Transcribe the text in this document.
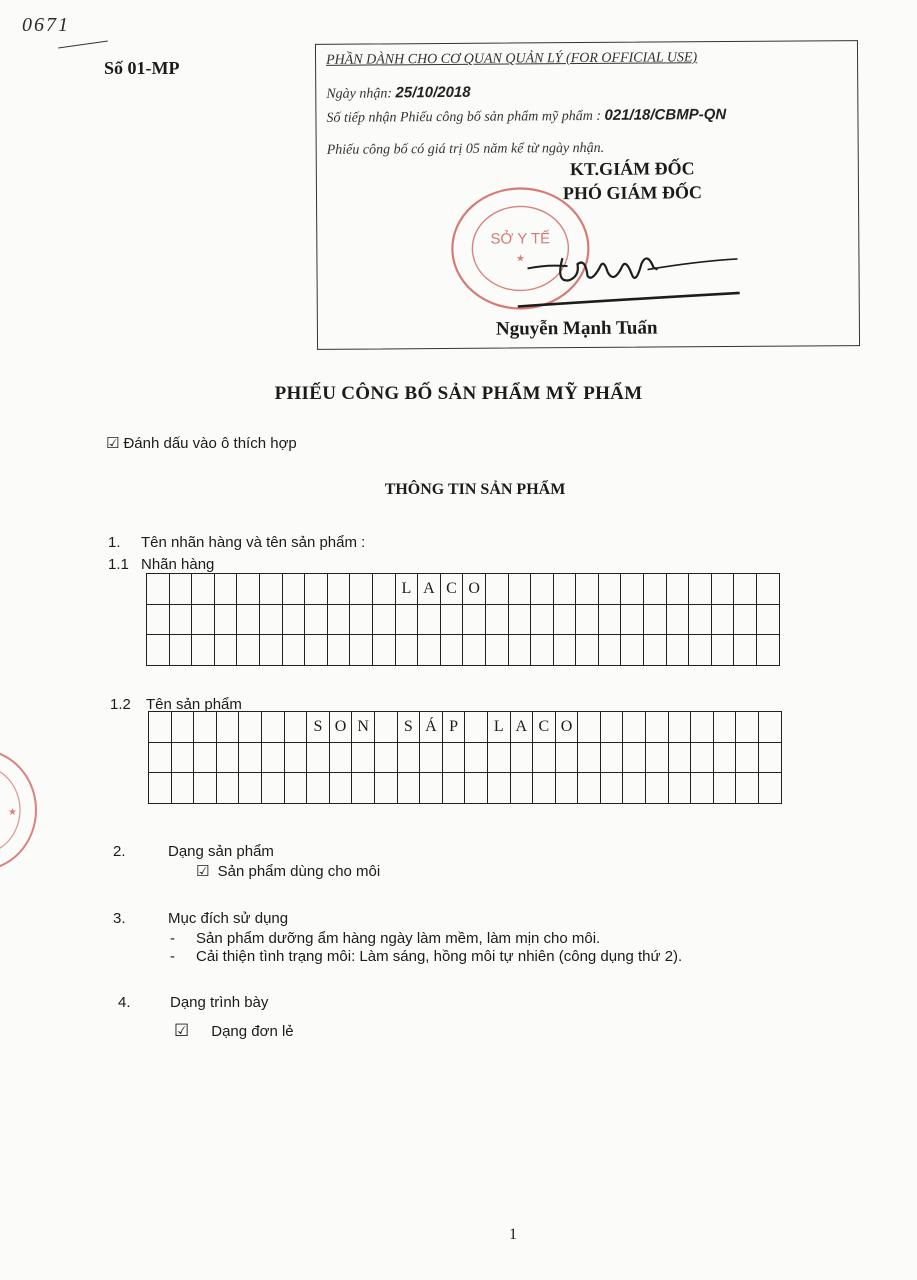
0671
Số 01-MP	PHẦN DÀNH CHO CƠ QUAN QUẢN LÝ (FOR OFFICIAL USE)
Ngày nhận: 25/10/2018
Số tiếp nhận Phiếu công bố sản phẩm mỹ phẩm : 021/18/CBMP-QN
Phiếu công bố có giá trị 05 năm kể từ ngày nhận.
SỞ Y TẾ
★
KT.GIÁM ĐỐC
PHÓ GIÁM ĐỐC
Nguyễn Mạnh Tuấn
★
PHIẾU CÔNG BỐ SẢN PHẨM MỸ PHẨM
☑ Đánh dấu vào ô thích hợp
THÔNG TIN SẢN PHẨM
1. Tên nhãn hàng và tên sản phẩm :
1.1 Nhãn hàng
											L	A	C	O													

1.2 Tên sản phẩm
							S	O	N		S	Á	P		L	A	C	O									

2.	Dạng sản phẩm
☑ Sản phẩm dùng cho môi
3.	Mục đích sử dụng
- Sản phẩm dưỡng ẩm hàng ngày làm mềm, làm mịn cho môi.
- Cải thiện tình trạng môi: Làm sáng, hồng môi tự nhiên (công dụng thứ 2).
4.	Dạng trình bày
☑ Dạng đơn lẻ
1
